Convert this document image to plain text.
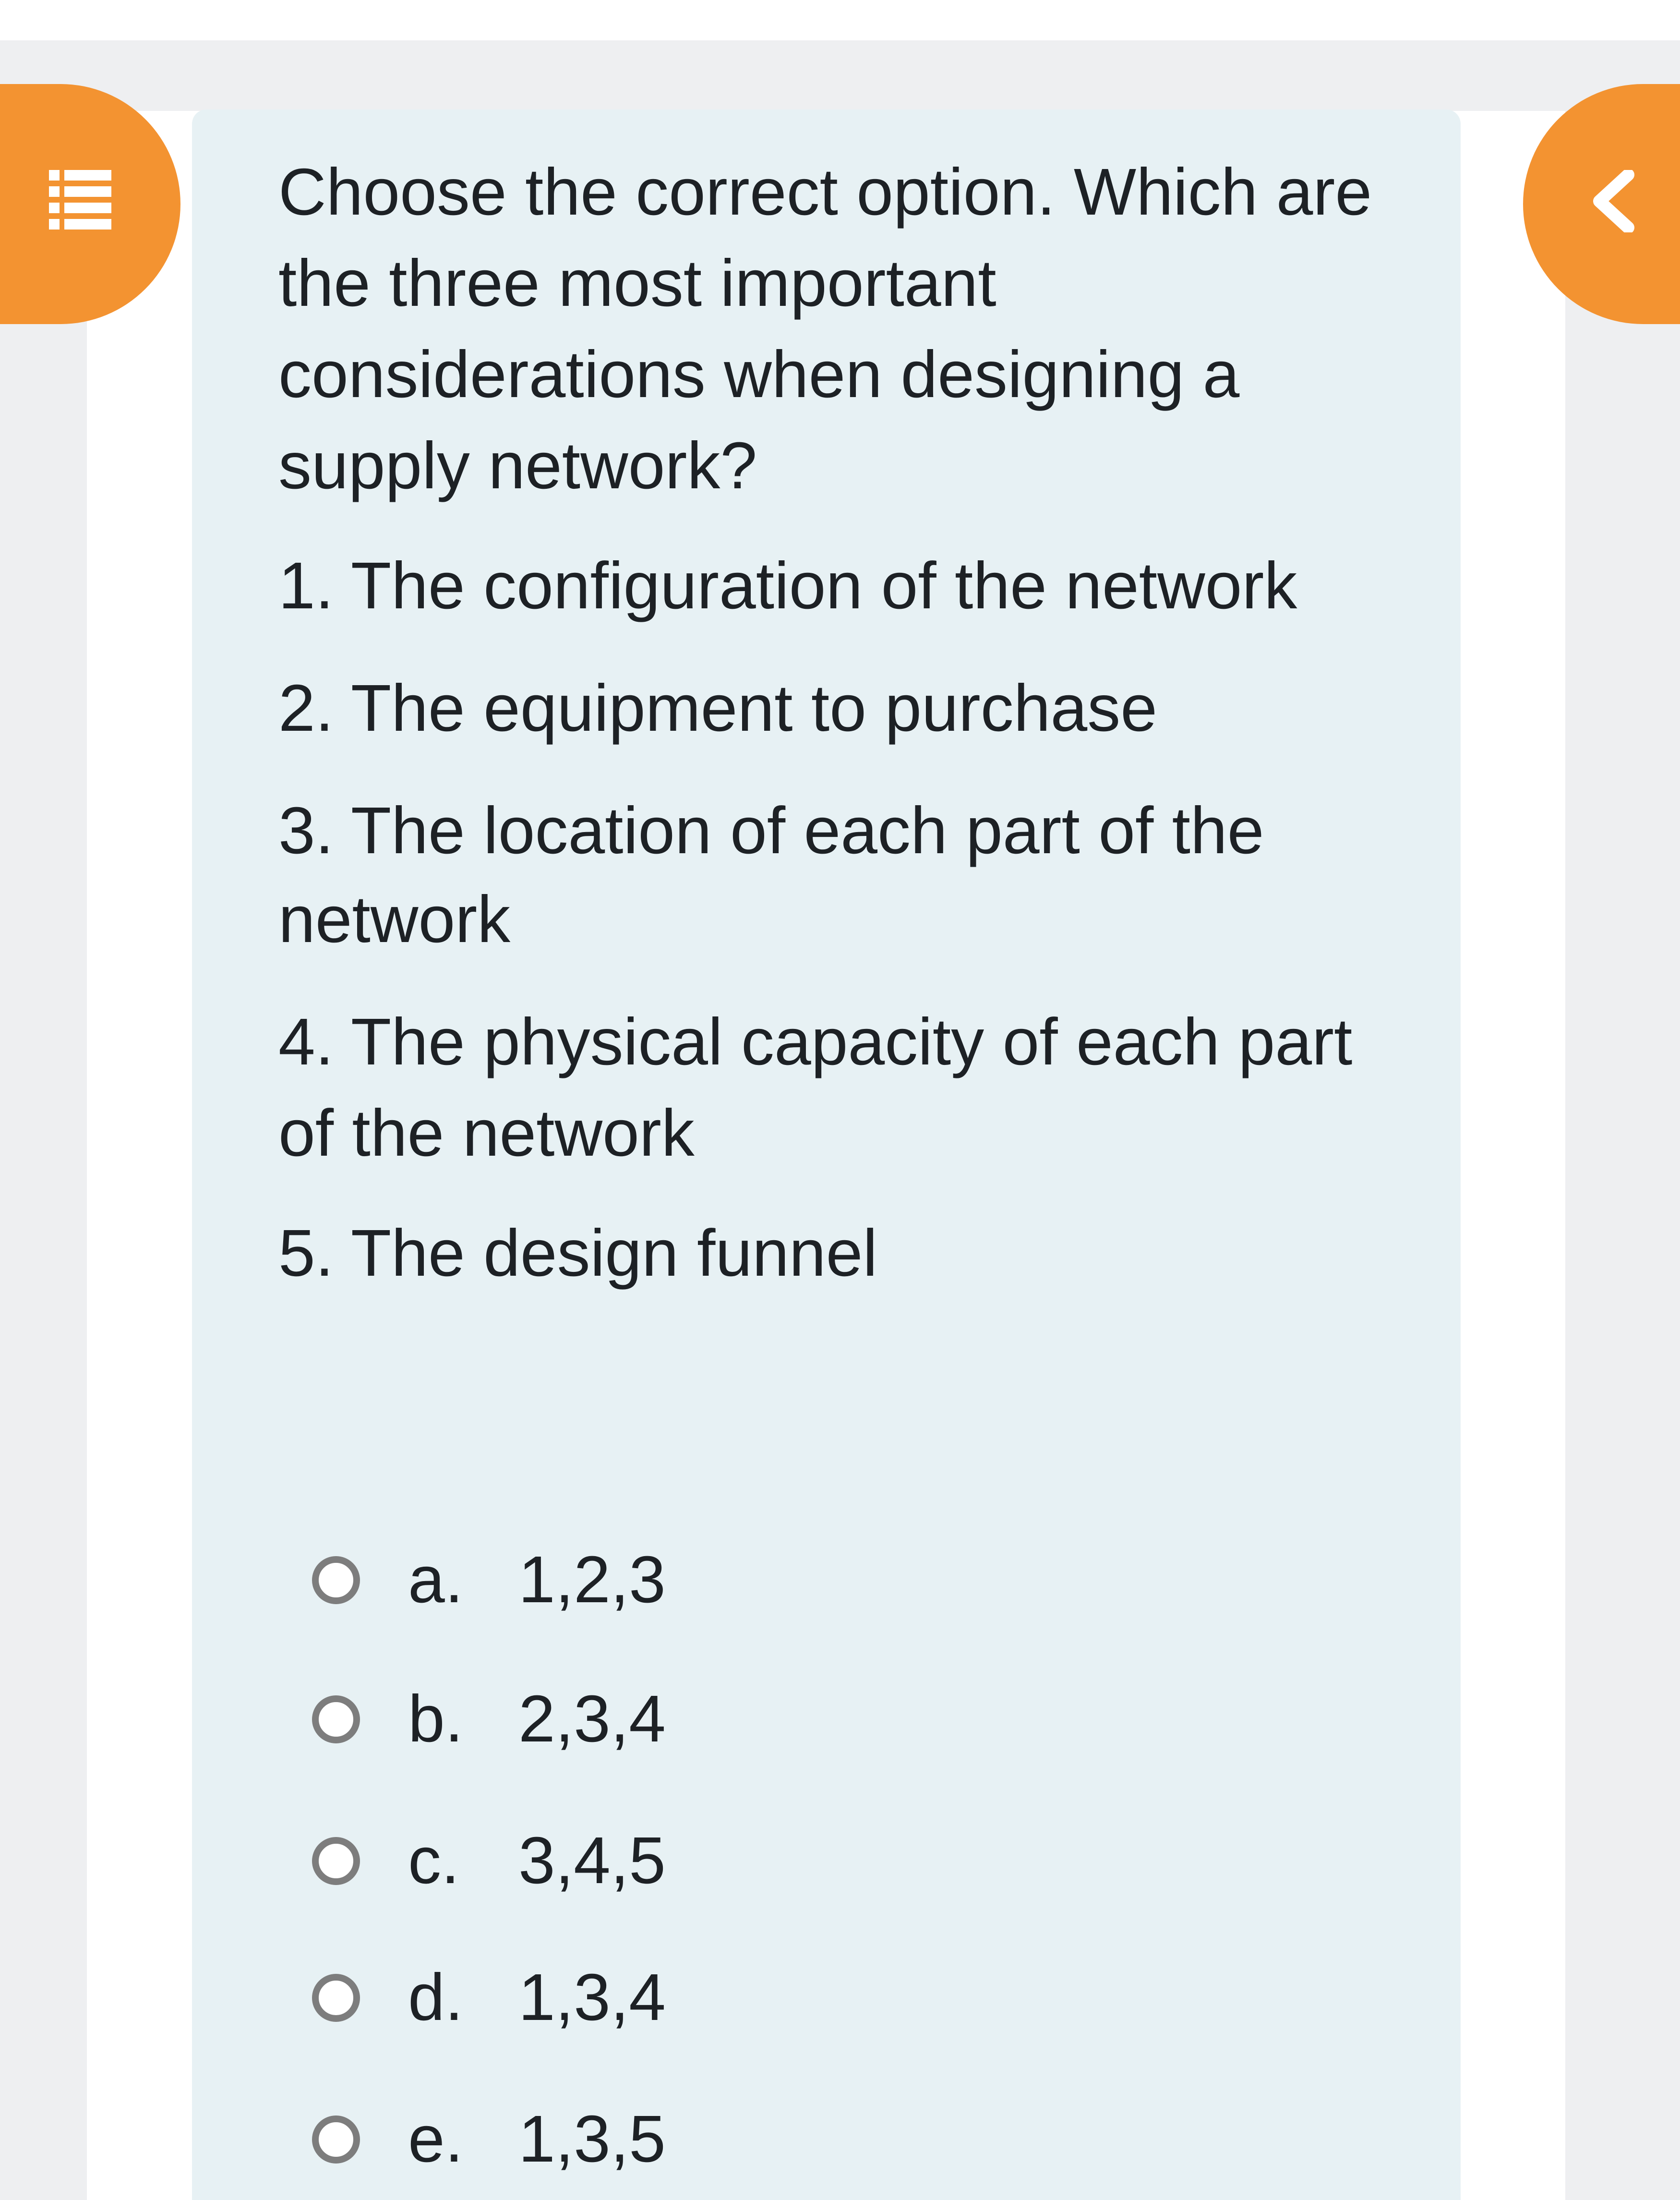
Choose the correct option. Which are

the three most important

considerations when designing a

supply network?

1. The configuration of the network

2. The equipment to purchase

3. The location of each part of the

network

4. The physical capacity of each part

of the network

5. The design funnel

a. 1,2,3
b. 2,3,4
c. 3,4,5
d. 1,3,4
e. 1,3,5
